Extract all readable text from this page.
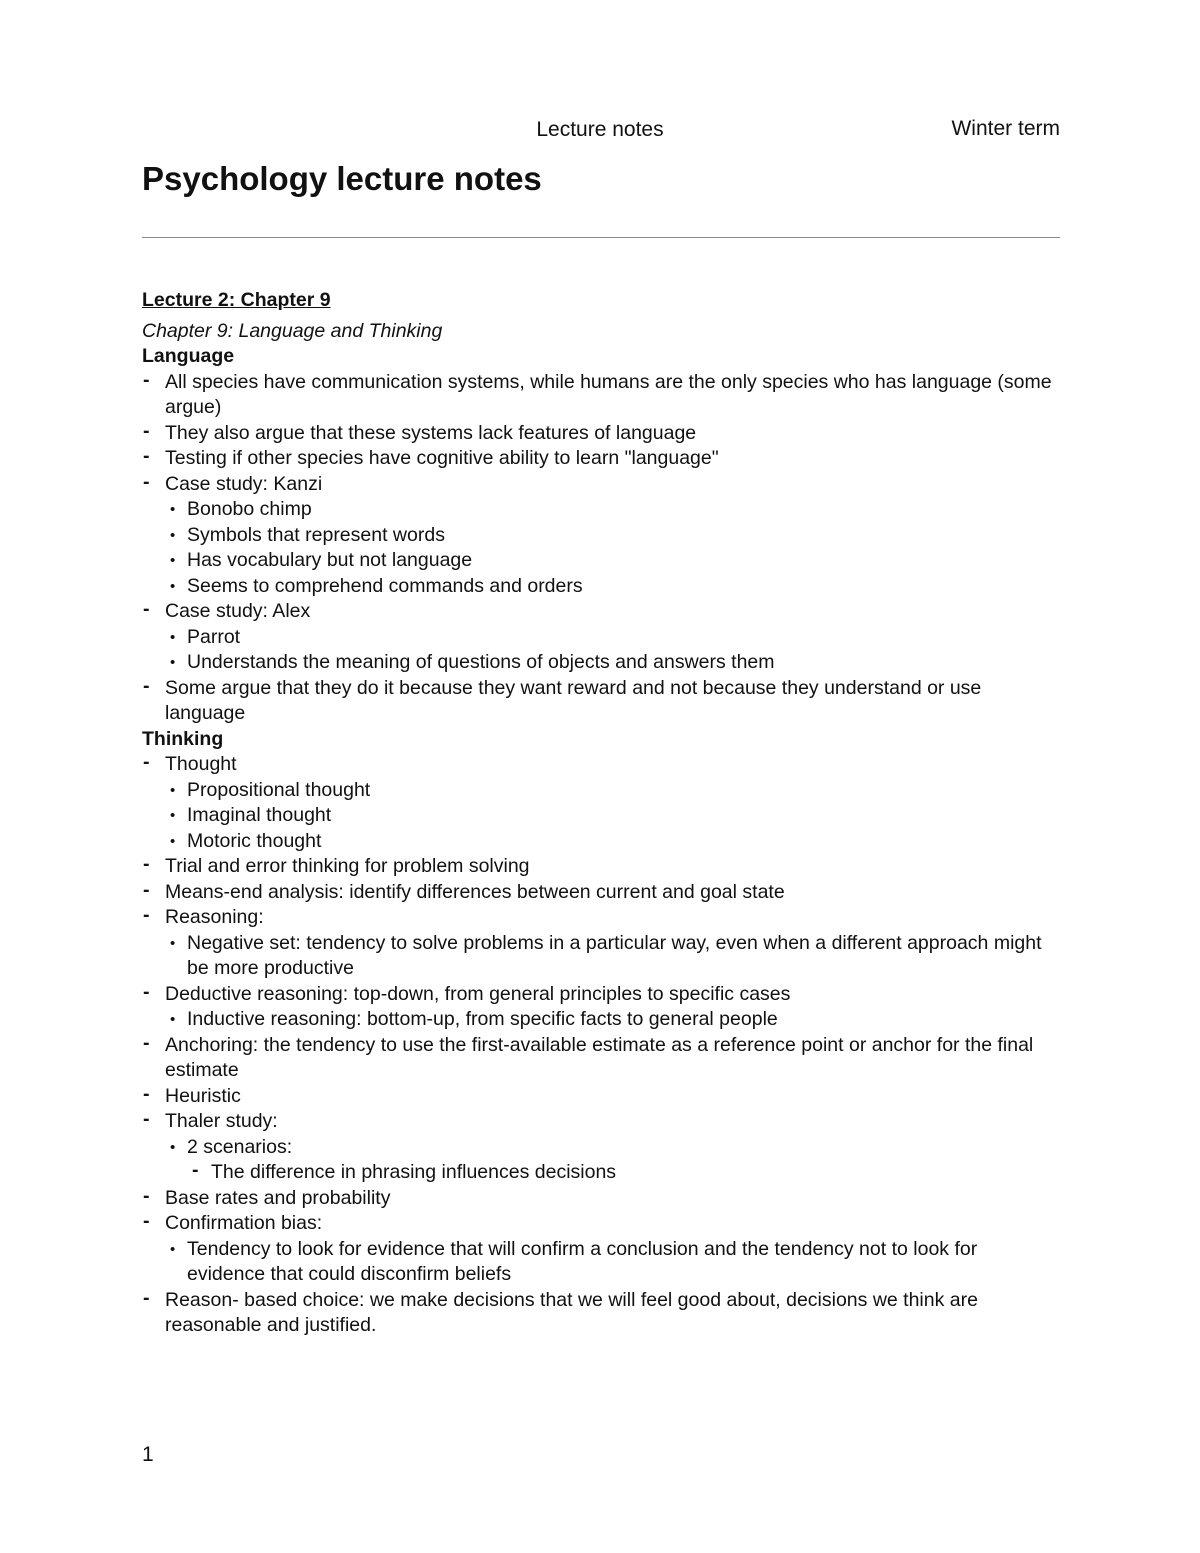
Lecture notes	Winter term
Psychology lecture notes
Lecture 2: Chapter 9
Chapter 9: Language and Thinking
Language
- All species have communication systems, while humans are the only species who has language (some argue)
- They also argue that these systems lack features of language
- Testing if other species have cognitive ability to learn "language"
- Case study: Kanzi
• Bonobo chimp
• Symbols that represent words
• Has vocabulary but not language
• Seems to comprehend commands and orders
- Case study: Alex
• Parrot
• Understands the meaning of questions of objects and answers them
- Some argue that they do it because they want reward and not because they understand or use language
Thinking
- Thought
• Propositional thought
• Imaginal thought
• Motoric thought
- Trial and error thinking for problem solving
- Means-end analysis: identify differences between current and goal state
- Reasoning:
• Negative set: tendency to solve problems in a particular way, even when a different approach might be more productive
- Deductive reasoning: top-down, from general principles to specific cases
• Inductive reasoning: bottom-up, from specific facts to general people
- Anchoring: the tendency to use the first-available estimate as a reference point or anchor for the final estimate
- Heuristic
- Thaler study:
• 2 scenarios:
- The difference in phrasing influences decisions
- Base rates and probability
- Confirmation bias:
• Tendency to look for evidence that will confirm a conclusion and the tendency not to look for evidence that could disconfirm beliefs
- Reason- based choice: we make decisions that we will feel good about, decisions we think are reasonable and justified.
1
